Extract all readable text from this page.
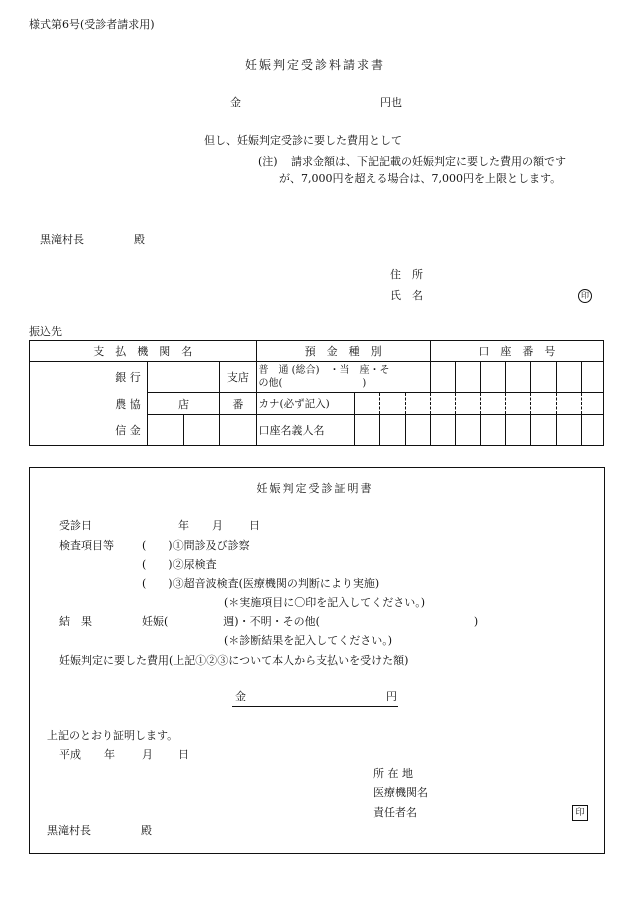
様式第6号(受診者請求用)
妊娠判定受診料請求書
金	円也
但し、妊娠判定受診に要した費用として
(注) 請求金額は、下記記載の妊娠判定に要した費用の額です
が、7,000円を超える場合は、7,000円を上限とします。
黒滝村長	殿
住　所
氏　名	印
振込先
支　払　機　関　名				預　金　種　別				口　座　番　号						
銀 行			支店	普　通 (総合)　・当　座・そ
の他(　　　　　　　　)										

農 協	店		番	カナ(必ず記入)										
信 金				口座名義人名										
妊娠判定受診証明書
受診日	年 月 日
検査項目等	(　　)①問診及び診察
(　　)②尿検査
(　　)③超音波検査(医療機関の判断により実施)
(＊実施項目に〇印を記入してください。)
結　果	妊娠(　　　　　週)・不明・その他(　　　　　　　　　　　　　　)
(＊診断結果を記入してください。)
妊娠判定に要した費用(上記①②③について本人から支払いを受けた額)
金	円
上記のとおり証明します。
平成 年 月 日
所 在 地
医療機関名
責任者名	印
黒滝村長	殿
